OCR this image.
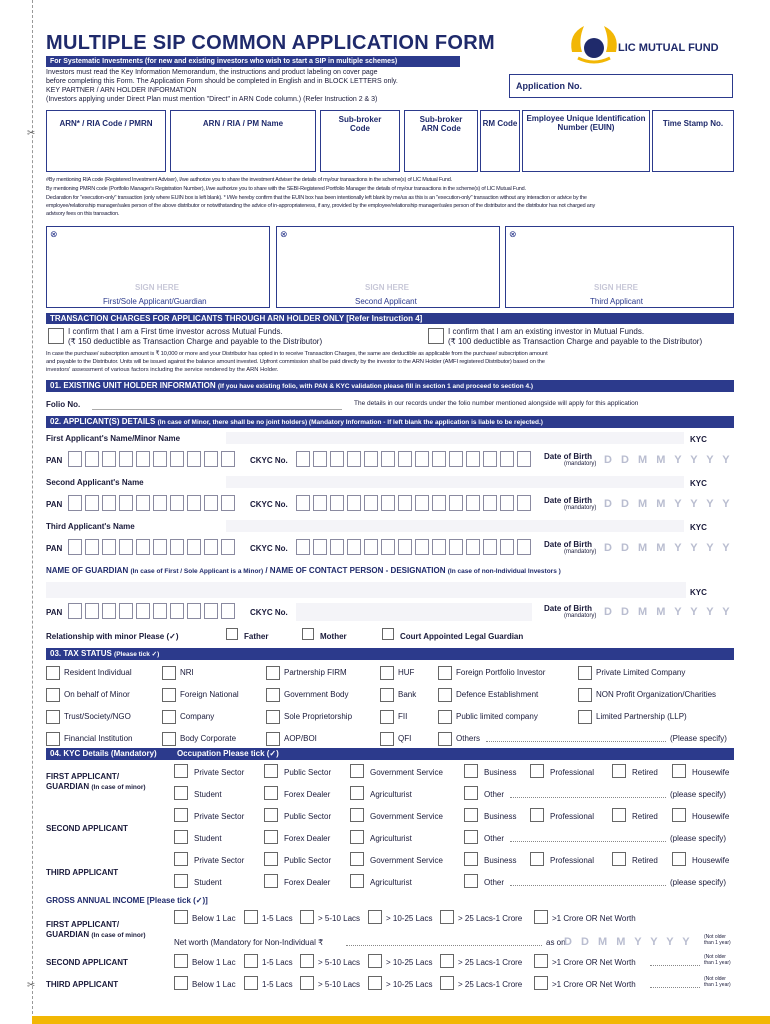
✂
✂
MULTIPLE SIP COMMON APPLICATION FORM	LIC MUTUAL FUND
For Systematic Investments (for new and existing investors who wish to start a SIP in multiple schemes)
Investors must read the Key Information Memorandum, the instructions and product labeling on cover page
before completing this Form. The Application Form should be completed in English and in BLOCK LETTERS only.
KEY PARTNER / ARN HOLDER INFORMATION
(Investors applying under Direct Plan must mention "Direct" in ARN Code column.) (Refer Instruction 2 & 3)
Application No.
ARN* / RIA Code / PMRN	ARN / RIA / PM Name	Sub-broker Code
Sub-broker ARN Code
RM Code
Employee Unique Identification Number (EUIN)	Time Stamp No.
#By mentioning RIA code (Registered Investment Adviser), I/we authorize you to share the investment Adviser the details of my/our transactions in the scheme(s) of LIC Mutual Fund.
By mentioning PMRN code (Portfolio Manager's Registration Number), I/we authorize you to share with the SEBI-Registered Portfolio Manager the details of my/our transactions in the scheme(s) of LIC Mutual Fund.
Declaration for "execution-only" transaction (only where EUIN box is left blank). * I/We hereby confirm that the EUIN box has been intentionally left blank by me/us as this is an "execution-only" transaction without any interaction or advice by the
employee/relationship manager/sales person of the above distributor or notwithstanding the advice of in-appropriateness, if any, provided by the employee/relationship manager/sales person of the distributor and the distributor has not charged any
advisory fees on this transaction.
⊗
SIGN HERE
First/Sole Applicant/Guardian
⊗
SIGN HERE
Second Applicant
⊗
SIGN HERE
Third Applicant
TRANSACTION CHARGES FOR APPLICANTS THROUGH ARN HOLDER ONLY [Refer Instruction 4]
I confirm that I am a First time investor across Mutual Funds.
(₹ 150 deductible as Transaction Charge and payable to the Distributor)
I confirm that I am an existing investor in Mutual Funds.
(₹ 100 deductible as Transaction Charge and payable to the Distributor)
In case the purchase/ subscription amount is ₹ 10,000 or more and your Distributor has opted in to receive Transaction Charges, the same are deductible as applicable from the purchase/ subscription amount
and payable to the Distributor. Units will be issued against the balance amount invested. Upfront commission shall be paid directly by the investor to the ARN Holder (AMFI registered Distributor) based on the
investors' assessment of various factors including the service rendered by the ARN Holder.
01. EXISTING UNIT HOLDER INFORMATION (If you have existing folio, with PAN & KYC validation please fill in section 1 and proceed to section 4.)
Folio No.	The details in our records under the folio number mentioned alongside will apply for this application
02. APPLICANT(S) DETAILS (In case of Minor, there shall be no joint holders) (Mandatory Information - If left blank the application is liable to be rejected.)
First Applicant's Name/Minor Name	KYC
PAN	CKYC No.	Date of Birth
(mandatory) D D M M Y Y Y Y
Second Applicant's Name	KYC
PAN	CKYC No.	Date of Birth
(mandatory) D D M M Y Y Y Y
Third Applicant's Name	KYC
PAN	CKYC No.	Date of Birth
(mandatory) D D M M Y Y Y Y
NAME OF GUARDIAN (In case of First / Sole Applicant is a Minor) / NAME OF CONTACT PERSON - DESIGNATION (In case of non-Individual Investors )
KYC
PAN	CKYC No.	Date of Birth
(mandatory) D D M M Y Y Y Y
Relationship with minor Please (✓)	Father	Mother	Court Appointed Legal Guardian
03. TAX STATUS (Please tick ✓)
Resident Individual	NRI	Partnership FIRM	HUF	Foreign Portfolio Investor	Private Limited Company
On behalf of Minor	Foreign National	Government Body	Bank	Defence Establishment	NON Profit Organization/Charities
Trust/Society/NGO	Company	Sole Proprietorship	FII	Public limited company	Limited Partnership (LLP)
Financial Institution	Body Corporate	AOP/BOI	QFI	Others	(Please specify)
04. KYC Details (Mandatory)	Occupation Please tick (✓)
FIRST APPLICANT/
GUARDIAN (In case of minor)
Private Sector	Public Sector	Government Service	Business	Professional	Retired	Housewife
Student	Forex Dealer	Agriculturist	Other	(please specify)
SECOND APPLICANT
Private Sector	Public Sector	Government Service	Business	Professional	Retired	Housewife
Student	Forex Dealer	Agriculturist	Other	(please specify)
THIRD APPLICANT
Private Sector	Public Sector	Government Service	Business	Professional	Retired	Housewife
Student	Forex Dealer	Agriculturist	Other	(please specify)
GROSS ANNUAL INCOME [Please tick (✓)]
FIRST APPLICANT/
GUARDIAN (In case of minor)
Net worth (Mandatory for Non-Individual ₹	as on
D D M M Y Y Y Y (Not older than 1 year)
Below 1 Lac	1-5 Lacs	> 5-10 Lacs	> 10-25 Lacs	> 25 Lacs-1 Crore	>1 Crore OR Net Worth
SECOND APPLICANT
(Not older than 1 year)
Below 1 Lac	1-5 Lacs	> 5-10 Lacs	> 10-25 Lacs	> 25 Lacs-1 Crore	>1 Crore OR Net Worth
THIRD APPLICANT
(Not older than 1 year)
Below 1 Lac	1-5 Lacs	> 5-10 Lacs	> 10-25 Lacs	> 25 Lacs-1 Crore	>1 Crore OR Net Worth
